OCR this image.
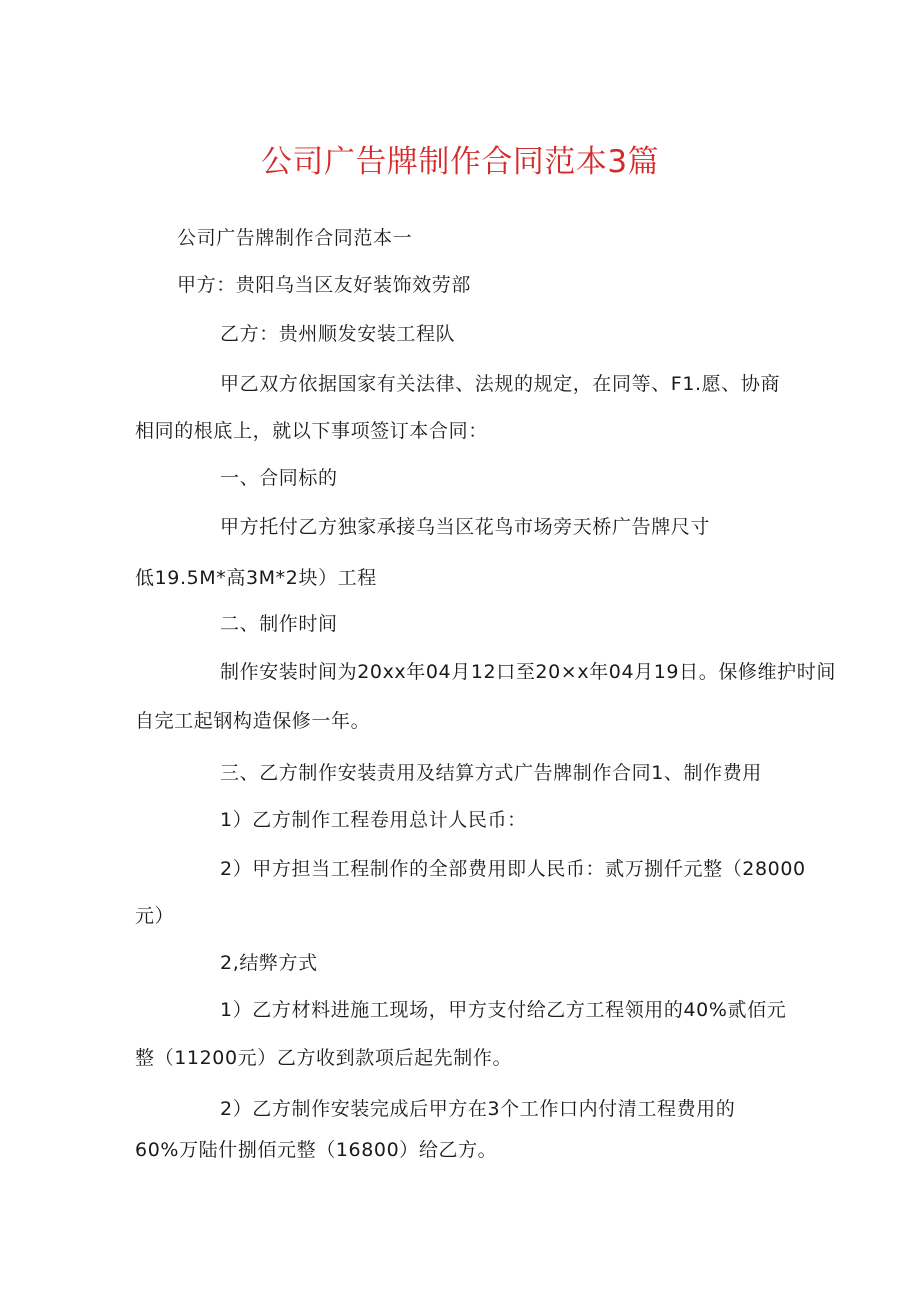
公司广告牌制作合同范本3篇
公司广告牌制作合同范本一
甲方：贵阳乌当区友好装饰效劳部
乙方：贵州顺发安装工程队
甲乙双方依据国家有关法律、法规的规定，在同等、F1.愿、协商
相同的根底上，就以下事项签订本合同：
一、合同标的
甲方托付乙方独家承接乌当区花鸟市场旁天桥广告牌尺寸
低19.5M*高3M*2块）工程
二、制作时间
制作安装时间为20xx年04月12口至20×x年04月19日。保修维护时间
自完工起钢构造保修一年。
三、乙方制作安装责用及结算方式广告牌制作合同1、制作费用
1）乙方制作工程卷用总计人民币：
2）甲方担当工程制作的全部费用即人民币：贰万捌仟元整（28000
元）
2,结弊方式
1）乙方材料进施工现场，甲方支付给乙方工程领用的40%贰佰元
整（11200元）乙方收到款项后起先制作。
2）乙方制作安装完成后甲方在3个工作口内付清工程费用的
60%万陆什捌佰元整（16800）给乙方。
